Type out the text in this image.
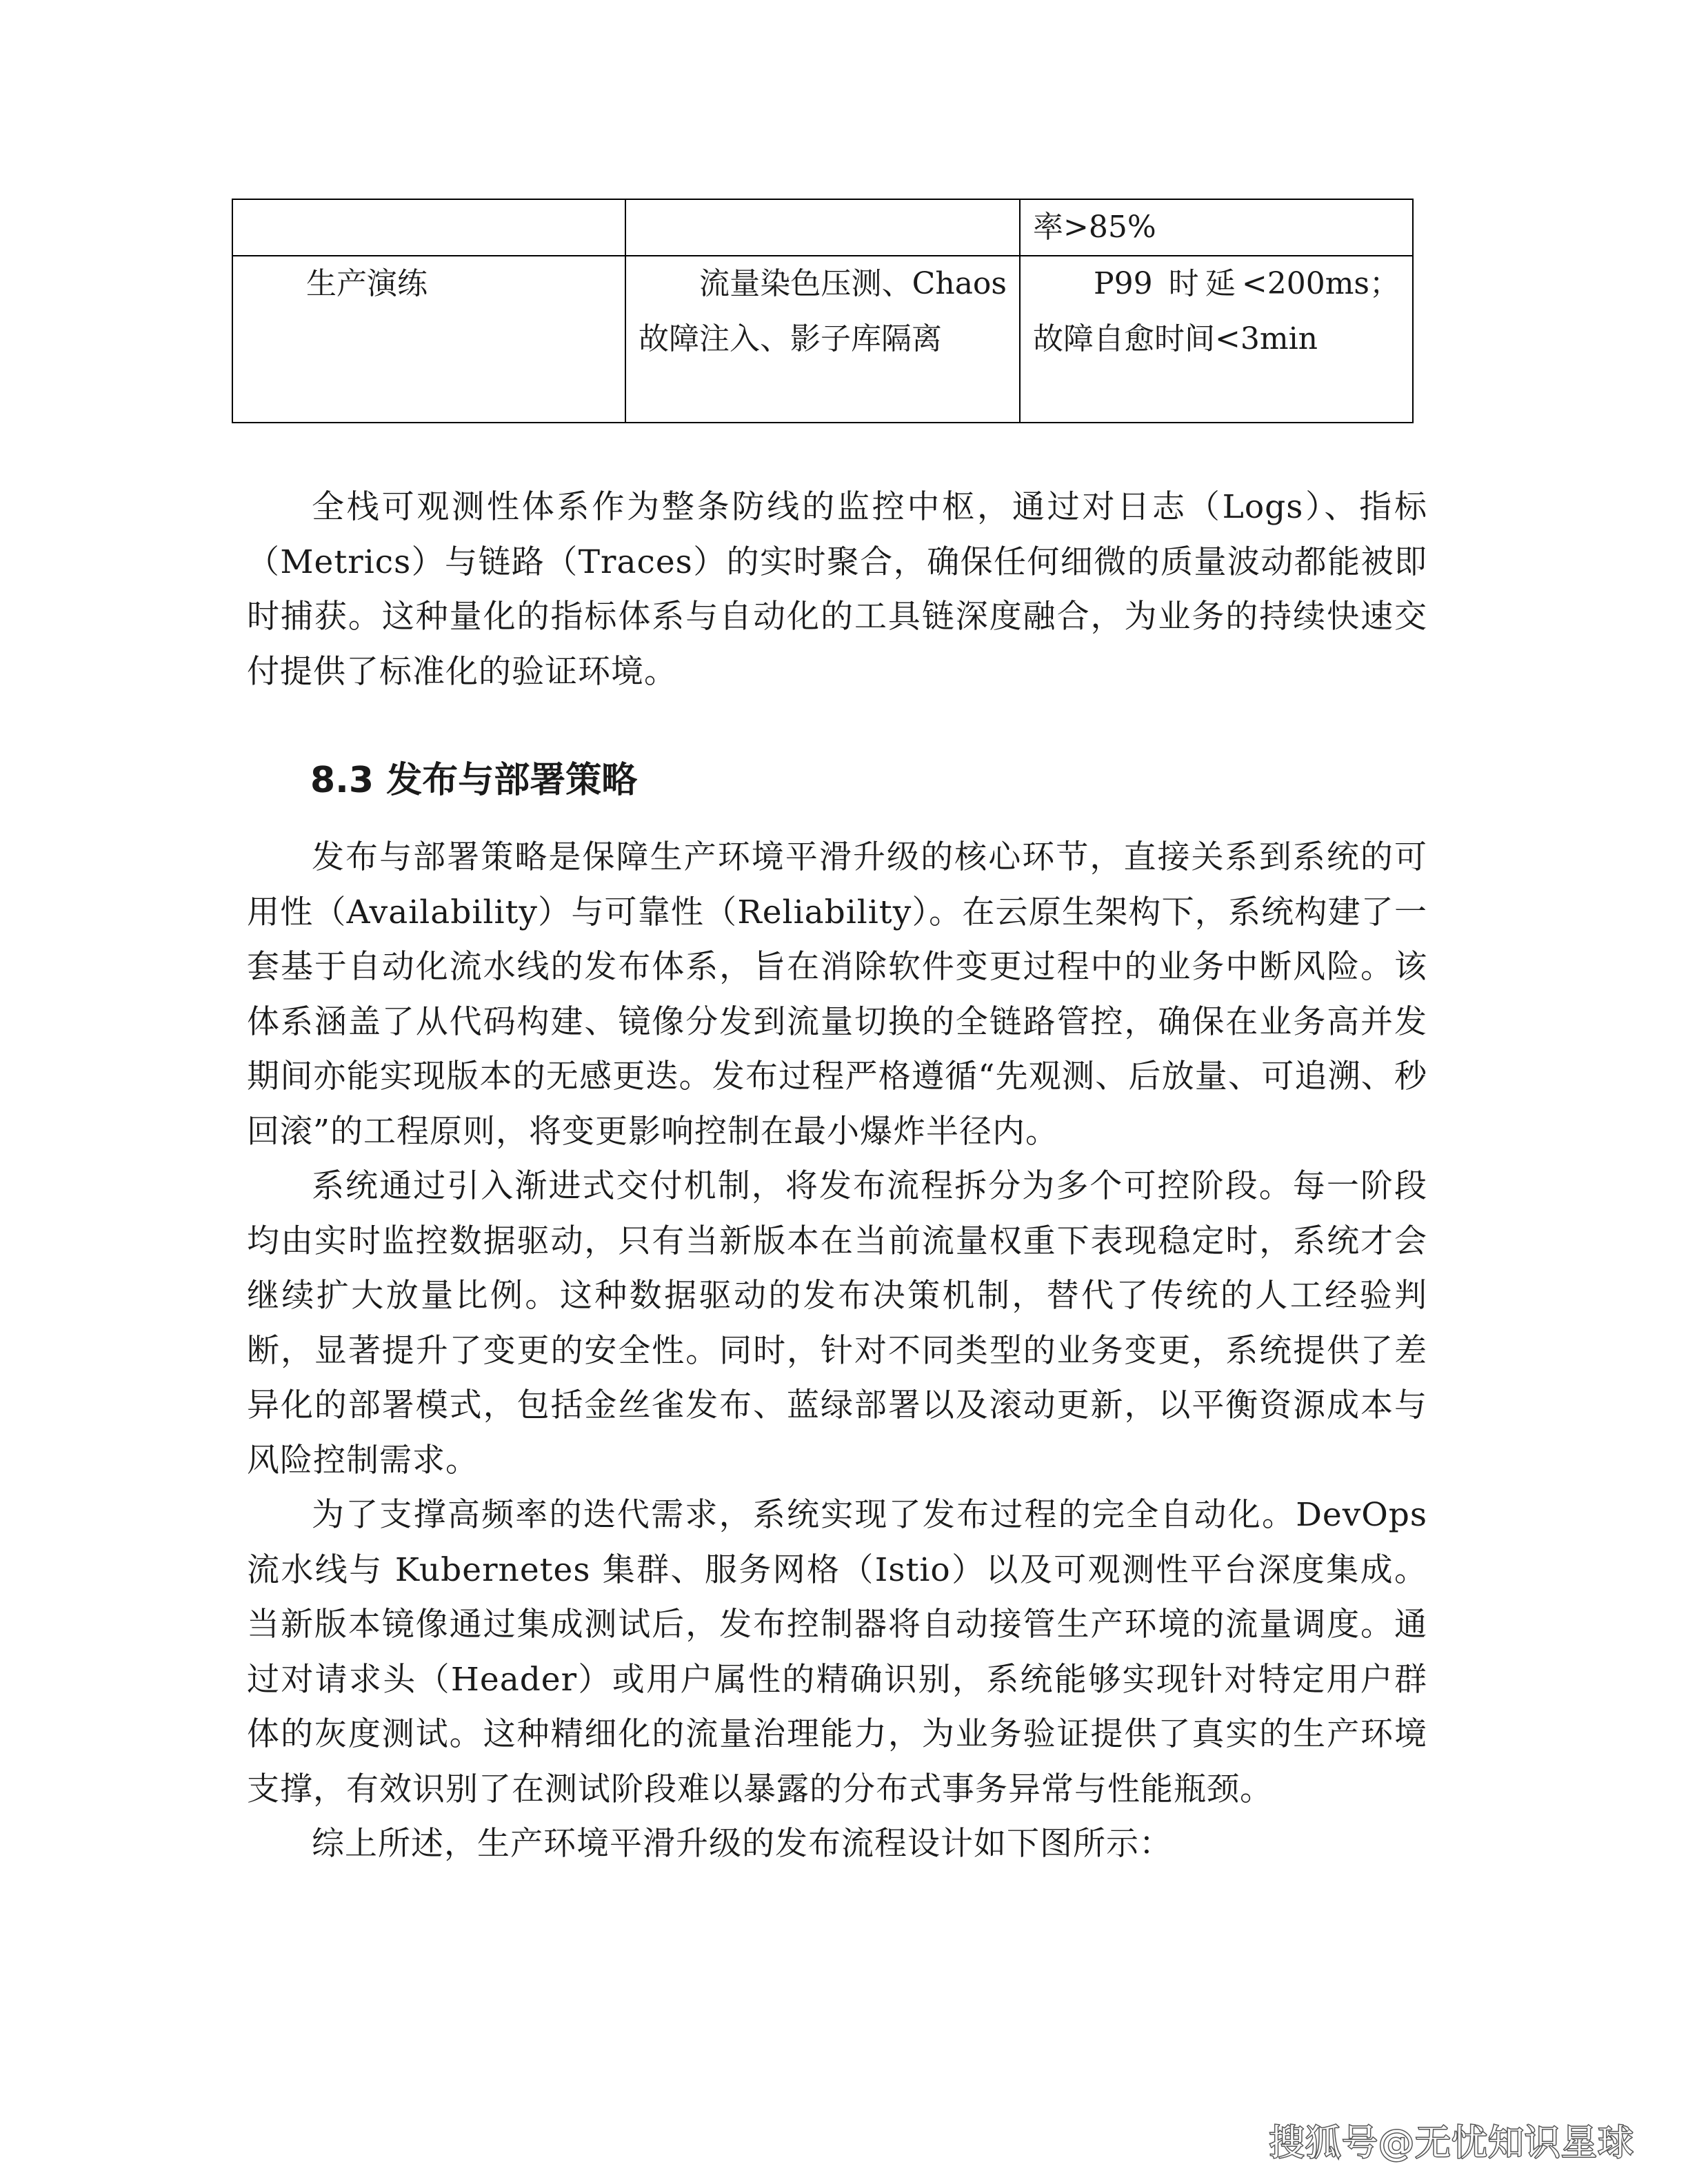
		率>85%
生产演练	流量染色压测、Chaos 故障注入、影子库隔离	P99 时延<200ms；故障自愈时间<3min

全栈可观测性体系作为整条防线的监控中枢，通过对日志（Logs）、指标（Metrics）与链路（Traces）的实时聚合，确保任何细微的质量波动都能被即时捕获。这种量化的指标体系与自动化的工具链深度融合，为业务的持续快速交付提供了标准化的验证环境。

8.3 发布与部署策略

发布与部署策略是保障生产环境平滑升级的核心环节，直接关系到系统的可用性（Availability）与可靠性（Reliability）。在云原生架构下，系统构建了一套基于自动化流水线的发布体系，旨在消除软件变更过程中的业务中断风险。该体系涵盖了从代码构建、镜像分发到流量切换的全链路管控，确保在业务高并发期间亦能实现版本的无感更迭。发布过程严格遵循“先观测、后放量、可追溯、秒回滚”的工程原则，将变更影响控制在最小爆炸半径内。

系统通过引入渐进式交付机制，将发布流程拆分为多个可控阶段。每一阶段均由实时监控数据驱动，只有当新版本在当前流量权重下表现稳定时，系统才会继续扩大放量比例。这种数据驱动的发布决策机制，替代了传统的人工经验判断，显著提升了变更的安全性。同时，针对不同类型的业务变更，系统提供了差异化的部署模式，包括金丝雀发布、蓝绿部署以及滚动更新，以平衡资源成本与风险控制需求。

为了支撑高频率的迭代需求，系统实现了发布过程的完全自动化。DevOps 流水线与 Kubernetes 集群、服务网格（Istio）以及可观测性平台深度集成。当新版本镜像通过集成测试后，发布控制器将自动接管生产环境的流量调度。通过对请求头（Header）或用户属性的精确识别，系统能够实现针对特定用户群体的灰度测试。这种精细化的流量治理能力，为业务验证提供了真实的生产环境支撑，有效识别了在测试阶段难以暴露的分布式事务异常与性能瓶颈。

综上所述，生产环境平滑升级的发布流程设计如下图所示：

搜狐号@无忧知识星球
